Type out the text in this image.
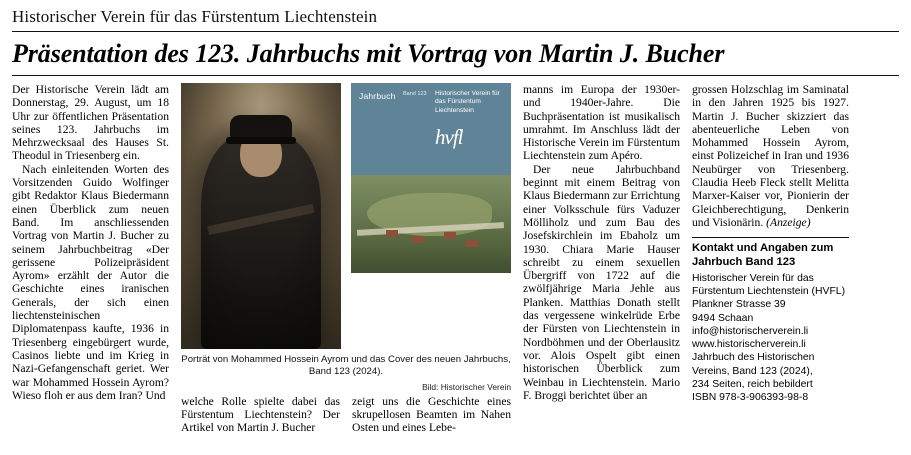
Historischer Verein für das Fürstentum Liechtenstein
Präsentation des 123. Jahrbuchs mit Vortrag von Martin J. Bucher

Der Historische Verein lädt am Donnerstag, 29. August, um 18 Uhr zur öffentlichen Präsentation seines 123. Jahrbuchs im Mehrzwecksaal des Hauses St. Theodul in Triesenberg ein.

Nach einleitenden Worten des Vorsitzenden Guido Wolfinger gibt Redaktor Klaus Biedermann einen Überblick zum neuen Band. Im anschliessenden Vortrag von Martin J. Bucher zu seinem Jahrbuchbeitrag «Der gerissene Polizeipräsident Ayrom» erzählt der Autor die Geschichte eines iranischen Generals, der sich einen liechtensteinischen Diplomatenpass kaufte, 1936 in Triesenberg eingebürgert wurde, Casinos liebte und im Krieg in Nazi-Gefangenschaft geriet. Wer war Mohammed Hossein Ayrom? Wieso floh er aus dem Iran? Und

Jahrbuch Band 123 Historischer Verein für das Fürstentum Liechtenstein
hvfl
Porträt von Mohammed Hossein Ayrom und das Cover des neuen Jahrbuchs, Band 123 (2024).
Bild: Historischer Verein

welche Rolle spielte dabei das Fürstentum Liechtenstein? Der Artikel von Martin J. Bucher

zeigt uns die Geschichte eines skrupellosen Beamten im Nahen Osten und eines Lebe-

manns im Europa der 1930er- und 1940er-Jahre. Die Buchpräsentation ist musikalisch umrahmt. Im Anschluss lädt der Historische Verein im Fürstentum Liechtenstein zum Apéro.

Der neue Jahrbuchband beginnt mit einem Beitrag von Klaus Biedermann zur Errichtung einer Volksschule fürs Vaduzer Mölliholz und zum Bau des Josefskirchlein im Ebaholz um 1930. Chiara Marie Hauser schreibt zu einem sexuellen Übergriff von 1722 auf die zwölfjährige Maria Jehle aus Planken. Matthias Donath stellt das vergessene winkelrüde Erbe der Fürsten von Liechtenstein in Nordböhmen und der Oberlausitz vor. Alois Ospelt gibt einen historischen Überblick zum Weinbau in Liechtenstein. Mario F. Broggi berichtet über an

grossen Holzschlag im Saminatal in den Jahren 1925 bis 1927. Martin J. Bucher skizziert das abenteuerliche Leben von Mohammed Hossein Ayrom, einst Polizeichef in Iran und 1936 Neubürger von Triesenberg. Claudia Heeb Fleck stellt Melitta Marxer-Kaiser vor, Pionierin der Gleichberechtigung, Denkerin und Visionärin. (Anzeige)

Kontakt und Angaben zum Jahrbuch Band 123
Historischer Verein für das Fürstentum Liechtenstein (HVFL)
Plankner Strasse 39
9494 Schaan
info@historischerverein.li
www.historischerverein.li
Jahrbuch des Historischen Vereins, Band 123 (2024),
234 Seiten, reich bebildert
ISBN 978-3-906393-98-8
